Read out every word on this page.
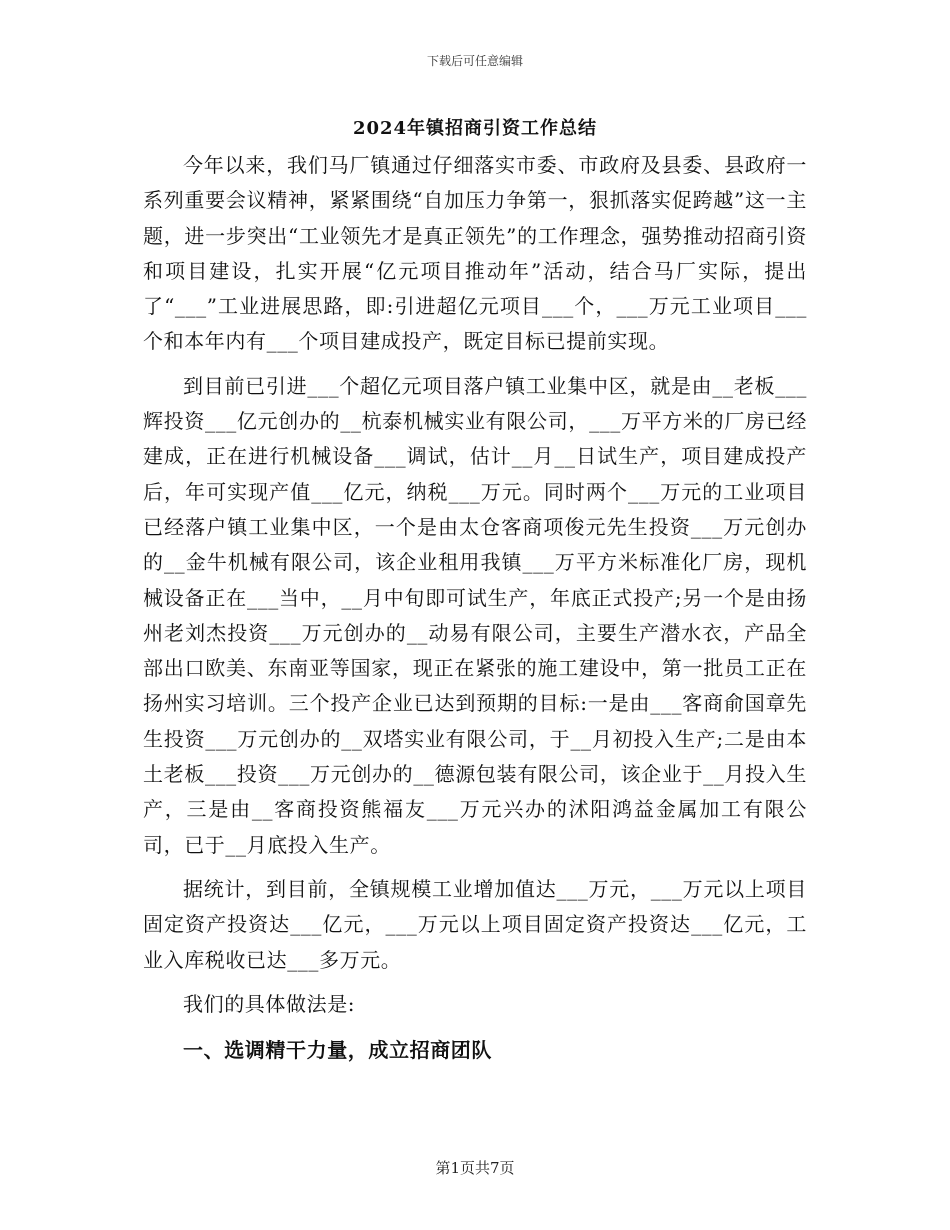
下载后可任意编辑
2024年镇招商引资工作总结

今年以来，我们马厂镇通过仔细落实市委、市政府及县委、县政府一系列重要会议精神，紧紧围绕“自加压力争第一，狠抓落实促跨越”这一主题，进一步突出“工业领先才是真正领先”的工作理念，强势推动招商引资和项目建设，扎实开展“亿元项目推动年”活动，结合马厂实际，提出了“___”工业进展思路，即:引进超亿元项目___个，___万元工业项目___个和本年内有___个项目建成投产，既定目标已提前实现。

到目前已引进___个超亿元项目落户镇工业集中区，就是由__老板___辉投资___亿元创办的__杭泰机械实业有限公司，___万平方米的厂房已经建成，正在进行机械设备___调试，估计__月__日试生产，项目建成投产后，年可实现产值___亿元，纳税___万元。同时两个___万元的工业项目已经落户镇工业集中区，一个是由太仓客商项俊元先生投资___万元创办的__金牛机械有限公司，该企业租用我镇___万平方米标准化厂房，现机械设备正在___当中，__月中旬即可试生产，年底正式投产;另一个是由扬州老刘杰投资___万元创办的__动易有限公司，主要生产潜水衣，产品全部出口欧美、东南亚等国家，现正在紧张的施工建设中，第一批员工正在扬州实习培训。三个投产企业已达到预期的目标:一是由___客商俞国章先生投资___万元创办的__双塔实业有限公司，于__月初投入生产;二是由本土老板___投资___万元创办的__德源包装有限公司，该企业于__月投入生产，三是由__客商投资熊福友___万元兴办的沭阳鸿益金属加工有限公司，已于__月底投入生产。

据统计，到目前，全镇规模工业增加值达___万元，___万元以上项目固定资产投资达___亿元，___万元以上项目固定资产投资达___亿元，工业入库税收已达___多万元。

我们的具体做法是:

一、选调精干力量，成立招商团队

第1页共7页
